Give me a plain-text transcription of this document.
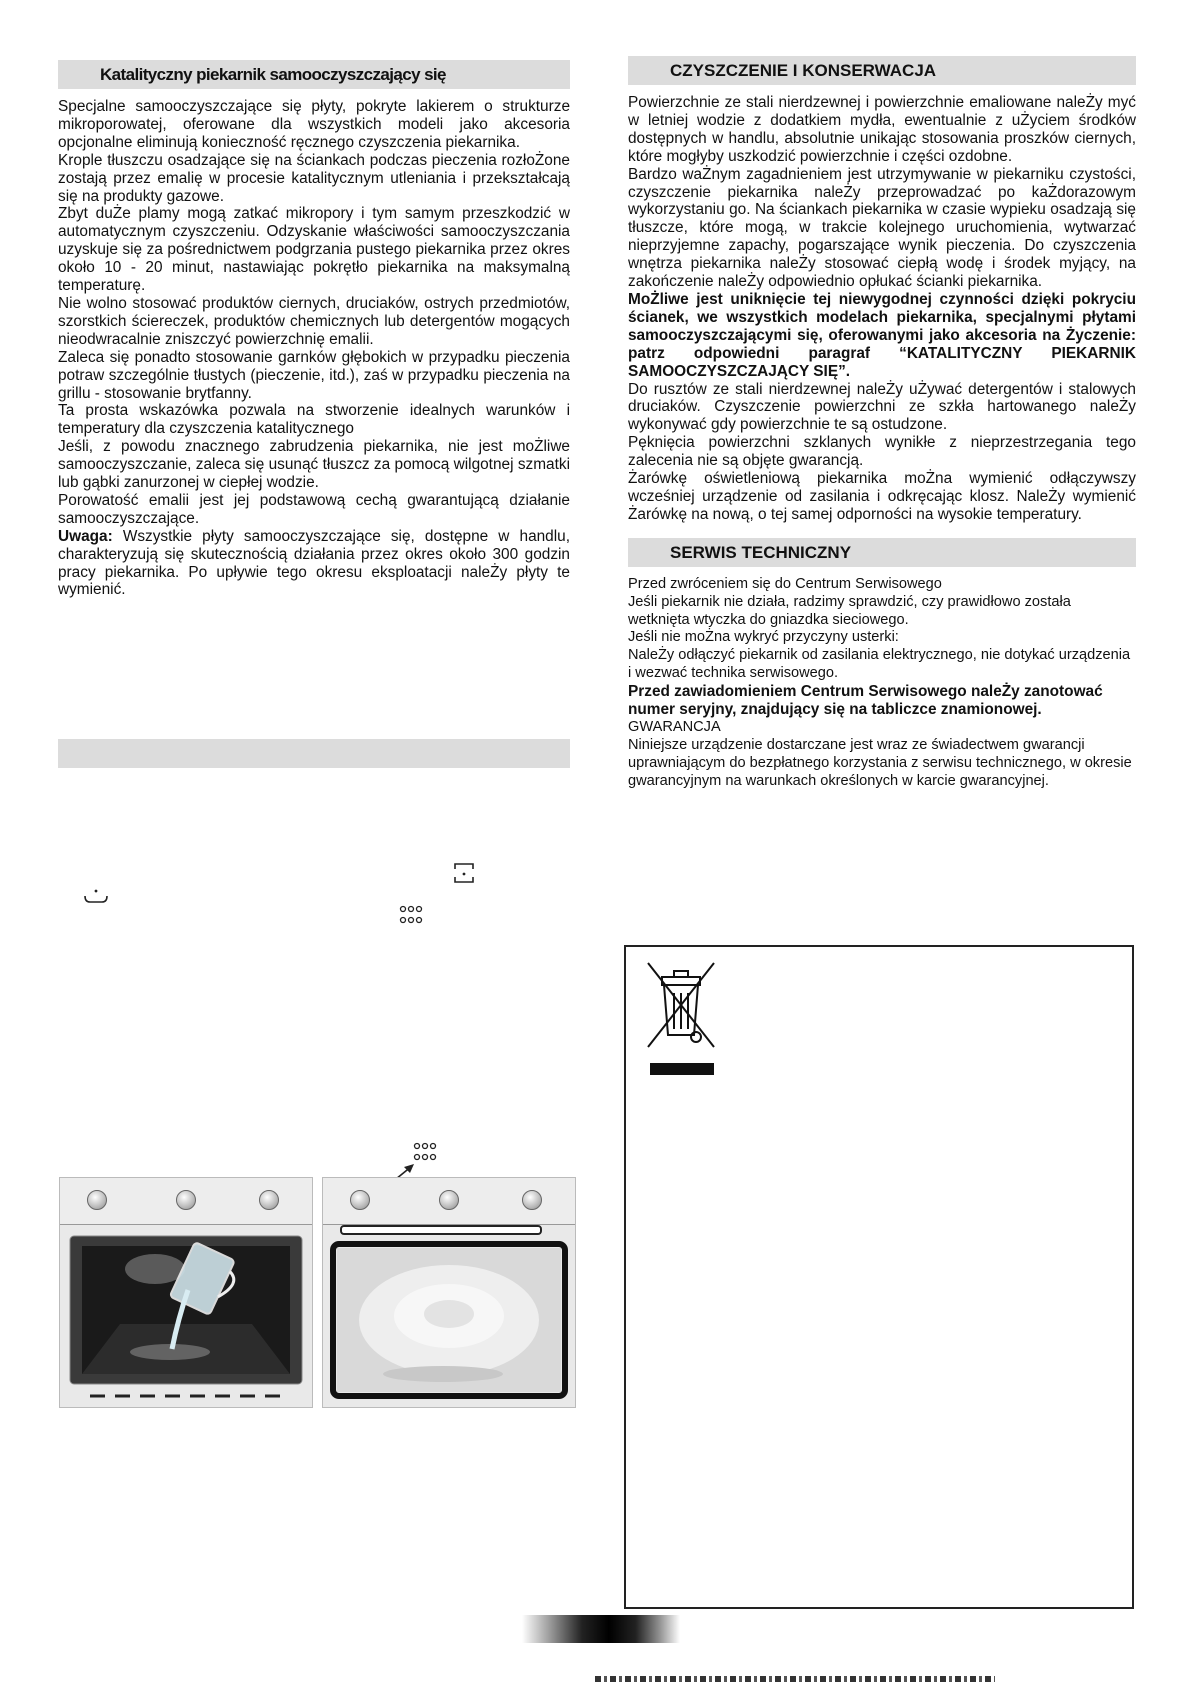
Katalityczny piekarnik samooczyszczający się

Specjalne samooczyszczające się płyty, pokryte lakierem o strukturze mikroporowatej, oferowane dla wszystkich modeli jako akcesoria opcjonalne eliminują konieczność ręcznego czyszczenia piekarnika.

Krople tłuszczu osadzające się na ściankach podczas pieczenia rozłoŻone zostają przez emalię w procesie katalitycznym utleniania i przekształcają się na produkty gazowe.

Zbyt duŻe plamy mogą zatkać mikropory i tym samym przeszkodzić w automatycznym czyszczeniu. Odzyskanie właściwości samooczyszczania uzyskuje się za pośrednictwem podgrzania pustego piekarnika przez okres około 10 - 20 minut, nastawiając pokrętło piekarnika na maksymalną temperaturę.

Nie wolno stosować produktów ciernych, druciaków, ostrych przedmiotów, szorstkich ściereczek, produktów chemicznych lub detergentów mogących nieodwracalnie zniszczyć powierzchnię emalii.

Zaleca się ponadto stosowanie garnków głębokich w przypadku pieczenia potraw szczególnie tłustych (pieczenie, itd.), zaś w przypadku pieczenia na grillu - stosowanie brytfanny.

Ta prosta wskazówka pozwala na stworzenie idealnych warunków i temperatury dla czyszczenia katalitycznego

Jeśli, z powodu znacznego zabrudzenia piekarnika, nie jest moŻliwe samooczyszczanie, zaleca się usunąć tłuszcz za pomocą wilgotnej szmatki lub gąbki zanurzonej w ciepłej wodzie.

Porowatość emalii jest jej podstawową cechą gwarantującą działanie samooczyszczające.

Uwaga: Wszystkie płyty samooczyszczające się, dostępne w handlu, charakteryzują się skutecznością działania przez okres około 300 godzin pracy piekarnika. Po upływie tego okresu eksploatacji naleŻy płyty te wymienić.

CZYSZCZENIE I KONSERWACJA

Powierzchnie ze stali nierdzewnej i powierzchnie emaliowane naleŻy myć w letniej wodzie z dodatkiem mydła, ewentualnie z uŻyciem środków dostępnych w handlu, absolutnie unikając stosowania proszków ciernych, które mogłyby uszkodzić powierzchnie i części ozdobne.

Bardzo waŻnym zagadnieniem jest utrzymywanie w piekarniku czystości, czyszczenie piekarnika naleŻy przeprowadzać po kaŻdorazowym wykorzystaniu go. Na ściankach piekarnika w czasie wypieku osadzają się tłuszcze, które mogą, w trakcie kolejnego uruchomienia, wytwarzać nieprzyjemne zapachy, pogarszające wynik pieczenia. Do czyszczenia wnętrza piekarnika naleŻy stosować ciepłą wodę i środek myjący, na zakończenie naleŻy odpowiednio opłukać ścianki piekarnika.

MoŻliwe jest uniknięcie tej niewygodnej czynności dzięki pokryciu ścianek, we wszystkich modelach piekarnika, specjalnymi płytami samooczyszczającymi się, oferowanymi jako akcesoria na Życzenie: patrz odpowiedni paragraf “KATALITYCZNY PIEKARNIK SAMOOCZYSZCZAJĄCY SIĘ”.

Do rusztów ze stali nierdzewnej naleŻy uŻywać detergentów i stalowych druciaków. Czyszczenie powierzchni ze szkła hartowanego naleŻy wykonywać gdy powierzchnie te są ostudzone.

Pęknięcia powierzchni szklanych wynikłe z nieprzestrzegania tego zalecenia nie są objęte gwarancją.

Żarówkę oświetleniową piekarnika moŻna wymienić odłączywszy wcześniej urządzenie od zasilania i odkręcając klosz. NaleŻy wymienić Żarówkę na nową, o tej samej odporności na wysokie temperatury.

SERWIS TECHNICZNY

Przed zwróceniem się do Centrum Serwisowego

Jeśli piekarnik nie działa, radzimy sprawdzić, czy prawidłowo została wetknięta wtyczka do gniazdka sieciowego.

Jeśli nie moŻna wykryć przyczyny usterki:

NaleŻy odłączyć piekarnik od zasilania elektrycznego, nie dotykać urządzenia i wezwać technika serwisowego.

Przed zawiadomieniem Centrum Serwisowego naleŻy zanotować numer seryjny, znajdujący się na tabliczce znamionowej.

GWARANCJA

Niniejsze urządzenie dostarczane jest wraz ze świadectwem gwarancji uprawniającym do bezpłatnego korzystania z serwisu technicznego, w okresie gwarancyjnym na warunkach określonych w karcie gwarancyjnej.
